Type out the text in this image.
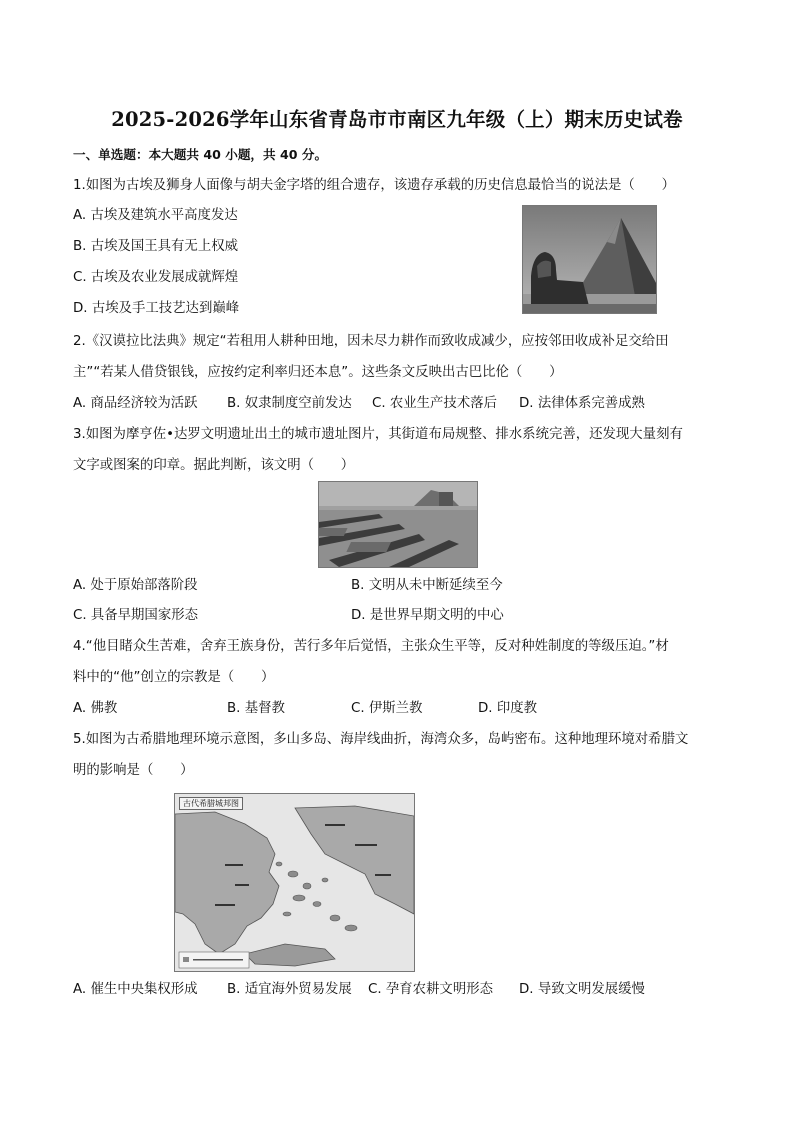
2025-2026学年山东省青岛市市南区九年级（上）期末历史试卷
一、单选题：本大题共 40 小题，共 40 分。
1.如图为古埃及狮身人面像与胡夫金字塔的组合遗存，该遗存承载的历史信息最恰当的说法是（　　）
A. 古埃及建筑水平高度发达
B. 古埃及国王具有无上权威
C. 古埃及农业发展成就辉煌
D. 古埃及手工技艺达到巅峰
2.《汉谟拉比法典》规定“若租用人耕种田地，因未尽力耕作而致收成减少，应按邻田收成补足交给田
主”“若某人借贷银钱，应按约定利率归还本息”。这些条文反映出古巴比伦（　　）
A. 商品经济较为活跃 B. 奴隶制度空前发达 C. 农业生产技术落后 D. 法律体系完善成熟
3.如图为摩亨佐•达罗文明遗址出土的城市遗址图片，其街道布局规整、排水系统完善，还发现大量刻有
文字或图案的印章。据此判断，该文明（　　）
A. 处于原始部落阶段	B. 文明从未中断延续至今
C. 具备早期国家形态	D. 是世界早期文明的中心
4.“他目睹众生苦难，舍弃王族身份，苦行多年后觉悟，主张众生平等，反对种姓制度的等级压迫。”材
料中的“他”创立的宗教是（　　）
A. 佛教	B. 基督教	C. 伊斯兰教	D. 印度教
5.如图为古希腊地理环境示意图，多山多岛、海岸线曲折，海湾众多，岛屿密布。这种地理环境对希腊文
明的影响是（　　）
古代希腊城邦图
A. 催生中央集权形成 B. 适宜海外贸易发展 C. 孕育农耕文明形态 D. 导致文明发展缓慢
